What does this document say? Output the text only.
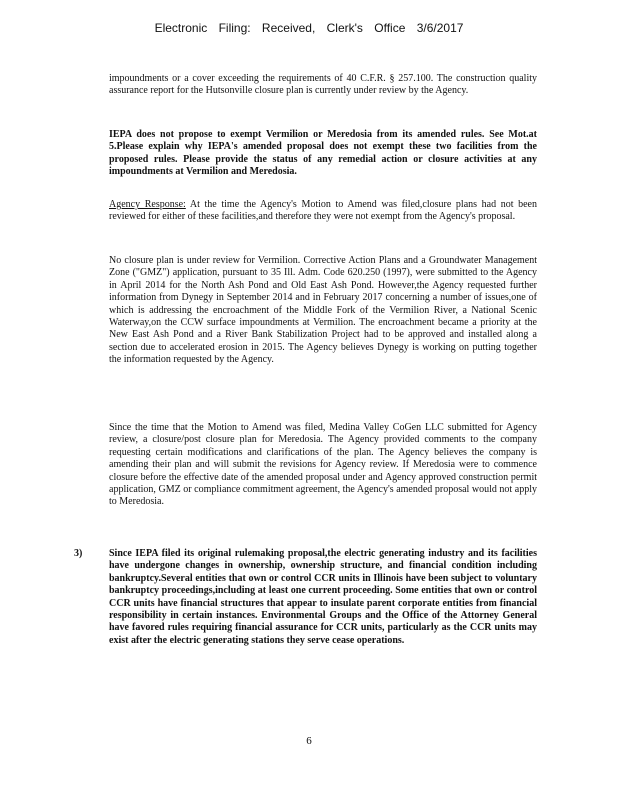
Electronic Filing: Received, Clerk's Office 3/6/2017
impoundments or a cover exceeding the requirements of 40 C.F.R. § 257.100. The construction quality assurance report for the Hutsonville closure plan is currently under review by the Agency.
IEPA does not propose to exempt Vermilion or Meredosia from its amended rules. See Mot.at 5.Please explain why IEPA's amended proposal does not exempt these two facilities from the proposed rules. Please provide the status of any remedial action or closure activities at any impoundments at Vermilion and Meredosia.
Agency Response: At the time the Agency's Motion to Amend was filed,closure plans had not been reviewed for either of these facilities,and therefore they were not exempt from the Agency's proposal.
No closure plan is under review for Vermilion. Corrective Action Plans and a Groundwater Management Zone ("GMZ") application, pursuant to 35 Ill. Adm. Code 620.250 (1997), were submitted to the Agency in April 2014 for the North Ash Pond and Old East Ash Pond. However,the Agency requested further information from Dynegy in September 2014 and in February 2017 concerning a number of issues,one of which is addressing the encroachment of the Middle Fork of the Vermilion River, a National Scenic Waterway,on the CCW surface impoundments at Vermilion. The encroachment became a priority at the New East Ash Pond and a River Bank Stabilization Project had to be approved and installed along a section due to accelerated erosion in 2015. The Agency believes Dynegy is working on putting together the information requested by the Agency.
Since the time that the Motion to Amend was filed, Medina Valley CoGen LLC submitted for Agency review, a closure/post closure plan for Meredosia. The Agency provided comments to the company requesting certain modifications and clarifications of the plan. The Agency believes the company is amending their plan and will submit the revisions for Agency review. If Meredosia were to commence closure before the effective date of the amended proposal under and Agency approved construction permit application, GMZ or compliance commitment agreement, the Agency's amended proposal would not apply to Meredosia.
3)	Since IEPA filed its original rulemaking proposal,the electric generating industry and its facilities have undergone changes in ownership, ownership structure, and financial condition including bankruptcy.Several entities that own or control CCR units in Illinois have been subject to voluntary bankruptcy proceedings,including at least one current proceeding. Some entities that own or control CCR units have financial structures that appear to insulate parent corporate entities from financial responsibility in certain instances. Environmental Groups and the Office of the Attorney General have favored rules requiring financial assurance for CCR units, particularly as the CCR units may exist after the electric generating stations they serve cease operations.
6
